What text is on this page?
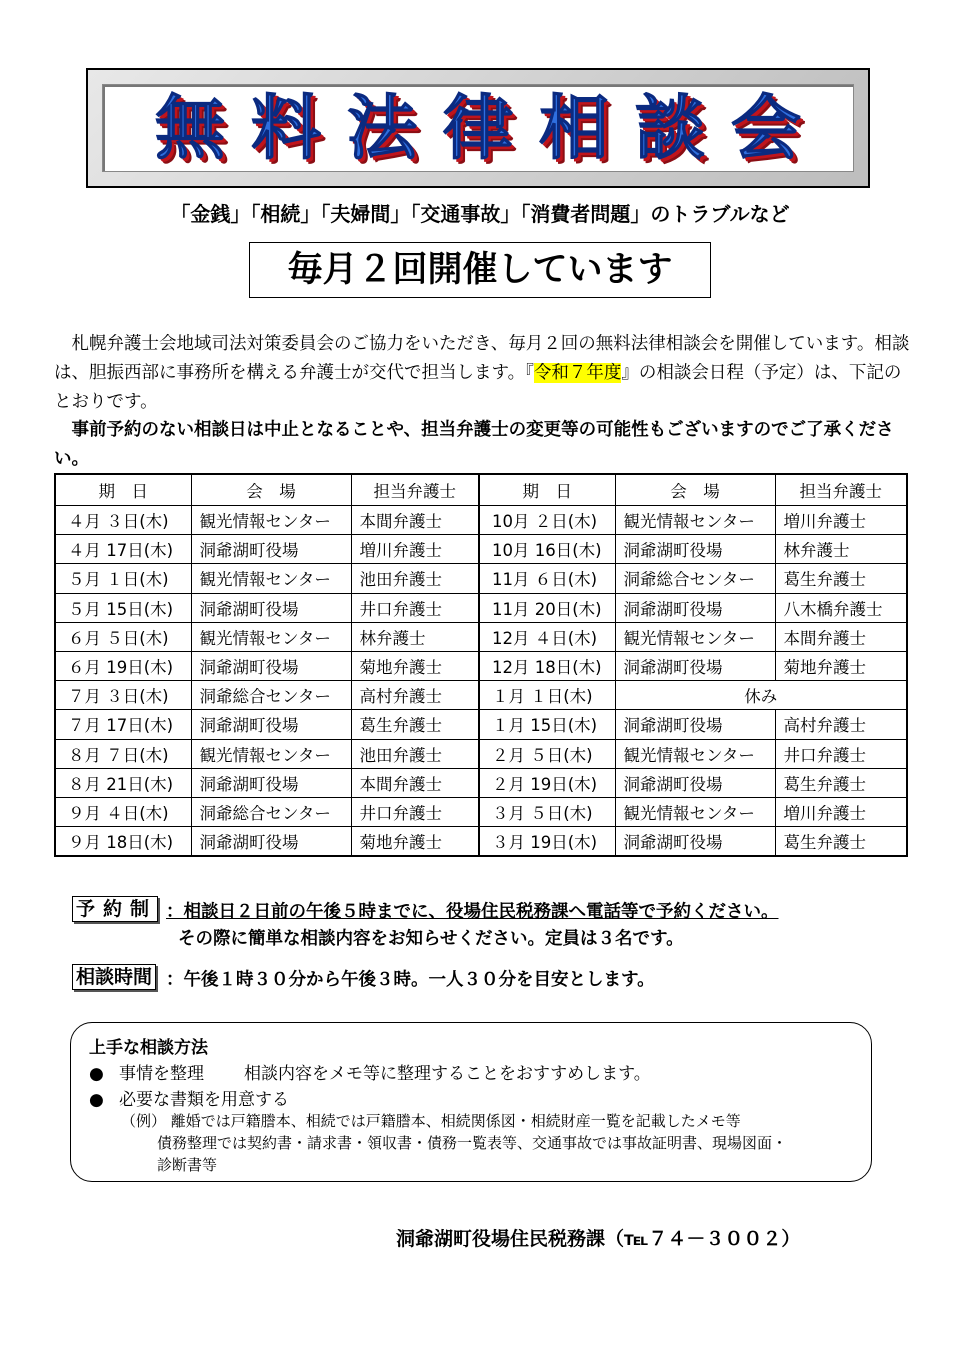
無料法律相談会
「金銭」「相続」「夫婦間」「交通事故」「消費者問題」のトラブルなど
毎月２回開催しています
　札幌弁護士会地域司法対策委員会のご協力をいただき、毎月２回の無料法律相談会を開催しています。相談は、胆振西部に事務所を構える弁護士が交代で担当します。『令和７年度』の相談会日程（予定）は、下記のとおりです。
　事前予約のない相談日は中止となることや、担当弁護士の変更等の可能性もございますのでご了承ください。
期　日	会　場	担当弁護士	期　日	会　場	担当弁護士
４月 ３日(木)	観光情報センター	本間弁護士	10月 ２日(木)	観光情報センター	増川弁護士
４月 17日(木)	洞爺湖町役場	増川弁護士	10月 16日(木)	洞爺湖町役場	林弁護士
５月 １日(木)	観光情報センター	池田弁護士	11月 ６日(木)	洞爺総合センター	葛生弁護士
５月 15日(木)	洞爺湖町役場	井口弁護士	11月 20日(木)	洞爺湖町役場	八木橋弁護士
６月 ５日(木)	観光情報センター	林弁護士	12月 ４日(木)	観光情報センター	本間弁護士
６月 19日(木)	洞爺湖町役場	菊地弁護士	12月 18日(木)	洞爺湖町役場	菊地弁護士
７月 ３日(木)	洞爺総合センター	高村弁護士	１月 １日(木)	休み	
７月 17日(木)	洞爺湖町役場	葛生弁護士	１月 15日(木)	洞爺湖町役場	高村弁護士
８月 ７日(木)	観光情報センター	池田弁護士	２月 ５日(木)	観光情報センター	井口弁護士
８月 21日(木)	洞爺湖町役場	本間弁護士	２月 19日(木)	洞爺湖町役場	葛生弁護士
９月 ４日(木)	洞爺総合センター	井口弁護士	３月 ５日(木)	観光情報センター	増川弁護士
９月 18日(木)	洞爺湖町役場	菊地弁護士	３月 19日(木)	洞爺湖町役場	葛生弁護士
予約制 ：相談日２日前の午後５時までに、役場住民税務課へ電話等で予約ください。
その際に簡単な相談内容をお知らせください。定員は３名です。
相談時間 ：午後１時３０分から午後３時。一人３０分を目安とします。
上手な相談方法
● 事情を整理 相談内容をメモ等に整理することをおすすめします。
● 必要な書類を用意する
（例） 離婚では戸籍謄本、相続では戸籍謄本、相続関係図・相続財産一覧を記載したメモ等
債務整理では契約書・請求書・領収書・債務一覧表等、交通事故では事故証明書、現場図面・
診断書等
洞爺湖町役場住民税務課（℡７４－３００２）
